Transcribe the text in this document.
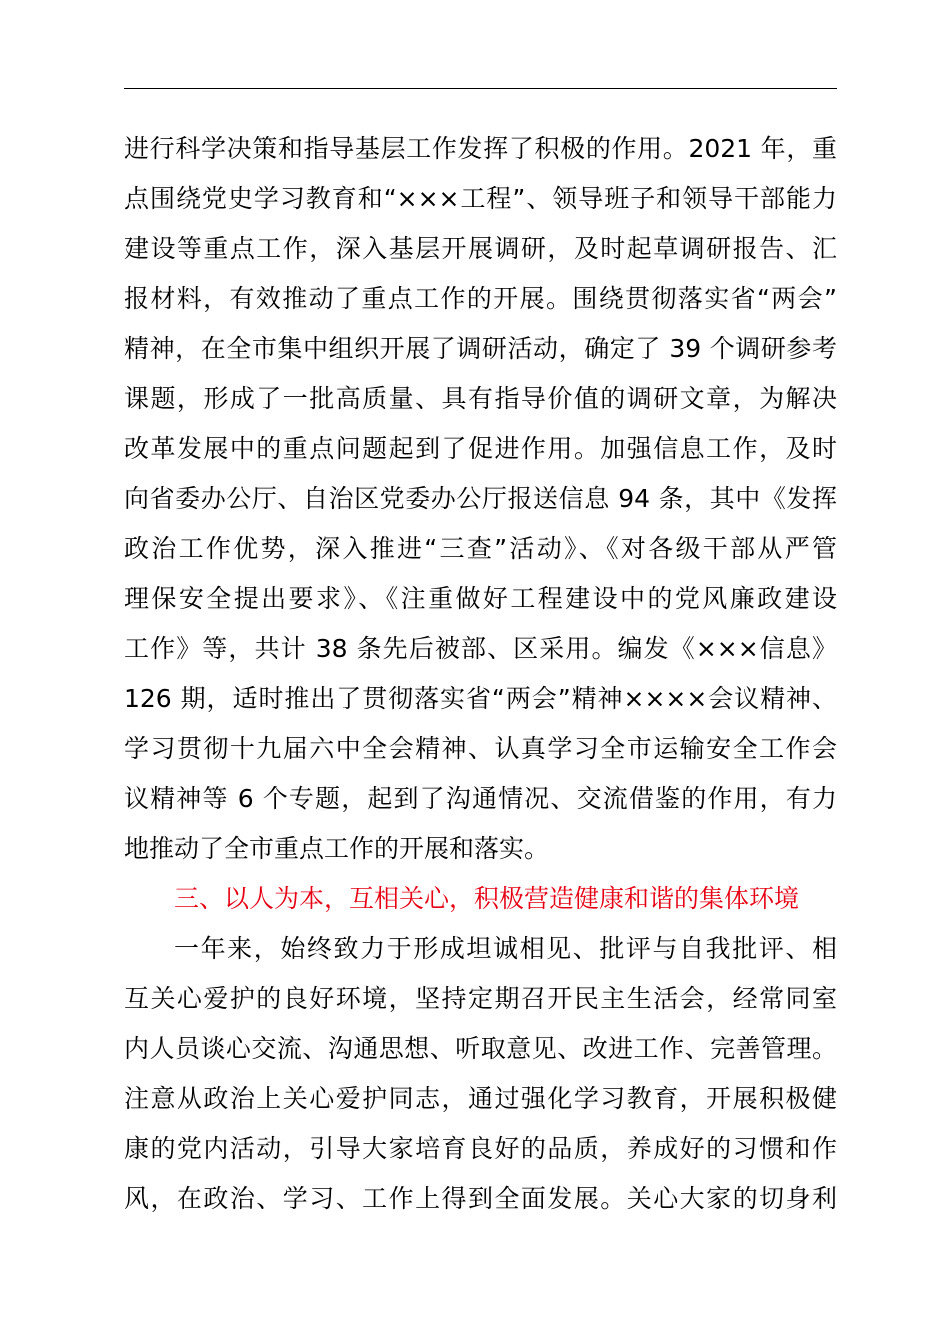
进行科学决策和指导基层工作发挥了积极的作用。2021 年，重
点围绕党史学习教育和“×××工程”、领导班子和领导干部能力
建设等重点工作，深入基层开展调研，及时起草调研报告、汇
报材料，有效推动了重点工作的开展。围绕贯彻落实省“两会”
精神，在全市集中组织开展了调研活动，确定了 39 个调研参考
课题，形成了一批高质量、具有指导价值的调研文章，为解决
改革发展中的重点问题起到了促进作用。加强信息工作，及时
向省委办公厅、自治区党委办公厅报送信息 94 条，其中《发挥
政治工作优势，深入推进“三查”活动》、《对各级干部从严管
理保安全提出要求》、《注重做好工程建设中的党风廉政建设
工作》等，共计 38 条先后被部、区采用。编发《×××信息》
126 期，适时推出了贯彻落实省“两会”精神××××会议精神、
学习贯彻十九届六中全会精神、认真学习全市运输安全工作会
议精神等 6 个专题，起到了沟通情况、交流借鉴的作用，有力
地推动了全市重点工作的开展和落实。
三、以人为本，互相关心，积极营造健康和谐的集体环境
一年来，始终致力于形成坦诚相见、批评与自我批评、相
互关心爱护的良好环境，坚持定期召开民主生活会，经常同室
内人员谈心交流、沟通思想、听取意见、改进工作、完善管理。
注意从政治上关心爱护同志，通过强化学习教育，开展积极健
康的党内活动，引导大家培育良好的品质，养成好的习惯和作
风，在政治、学习、工作上得到全面发展。关心大家的切身利
